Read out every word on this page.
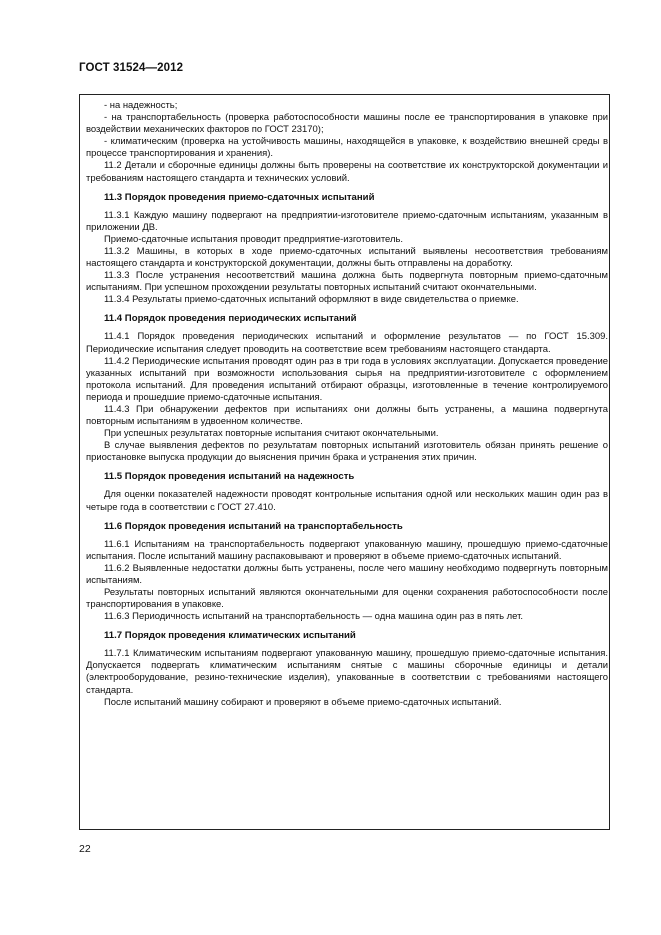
ГОСТ 31524—2012

- на надежность;

- на транспортабельность (проверка работоспособности машины после ее транспортирования в упаковке при воздействии механических факторов по ГОСТ 23170);

- климатическим (проверка на устойчивость машины, находящейся в упаковке, к воздействию внешней среды в процессе транспортирования и хранения).

11.2 Детали и сборочные единицы должны быть проверены на соответствие их конструкторской документации и требованиям настоящего стандарта и технических условий.

11.3 Порядок проведения приемо-сдаточных испытаний

11.3.1 Каждую машину подвергают на предприятии-изготовителе приемо-сдаточным испытаниям, указанным в приложении ДВ.

Приемо-сдаточные испытания проводит предприятие-изготовитель.

11.3.2 Машины, в которых в ходе приемо-сдаточных испытаний выявлены несоответствия требованиям настоящего стандарта и конструкторской документации, должны быть отправлены на доработку.

11.3.3 После устранения несоответствий машина должна быть подвергнута повторным приемо-сдаточным испытаниям. При успешном прохождении результаты повторных испытаний считают окончательными.

11.3.4 Результаты приемо-сдаточных испытаний оформляют в виде свидетельства о приемке.

11.4 Порядок проведения периодических испытаний

11.4.1 Порядок проведения периодических испытаний и оформление результатов — по ГОСТ 15.309. Периодические испытания следует проводить на соответствие всем требованиям настоящего стандарта.

11.4.2 Периодические испытания проводят один раз в три года в условиях эксплуатации. Допускается проведение указанных испытаний при возможности использования сырья на предприятии-изготовителе с оформлением протокола испытаний. Для проведения испытаний отбирают образцы, изготовленные в течение контролируемого периода и прошедшие приемо-сдаточные испытания.

11.4.3 При обнаружении дефектов при испытаниях они должны быть устранены, а машина подвергнута повторным испытаниям в удвоенном количестве.

При успешных результатах повторные испытания считают окончательными.

В случае выявления дефектов по результатам повторных испытаний изготовитель обязан принять решение о приостановке выпуска продукции до выяснения причин брака и устранения этих причин.

11.5 Порядок проведения испытаний на надежность

Для оценки показателей надежности проводят контрольные испытания одной или нескольких машин один раз в четыре года в соответствии с ГОСТ 27.410.

11.6 Порядок проведения испытаний на транспортабельность

11.6.1 Испытаниям на транспортабельность подвергают упакованную машину, прошедшую приемо-сдаточные испытания. После испытаний машину распаковывают и проверяют в объеме приемо-сдаточных испытаний.

11.6.2 Выявленные недостатки должны быть устранены, после чего машину необходимо подвергнуть повторным испытаниям.

Результаты повторных испытаний являются окончательными для оценки сохранения работоспособности после транспортирования в упаковке.

11.6.3 Периодичность испытаний на транспортабельность — одна машина один раз в пять лет.

11.7 Порядок проведения климатических испытаний

11.7.1 Климатическим испытаниям подвергают упакованную машину, прошедшую приемо-сдаточные испытания. Допускается подвергать климатическим испытаниям снятые с машины сборочные единицы и детали (электрооборудование, резино-технические изделия), упакованные в соответствии с требованиями настоящего стандарта.

После испытаний машину собирают и проверяют в объеме приемо-сдаточных испытаний.

22
